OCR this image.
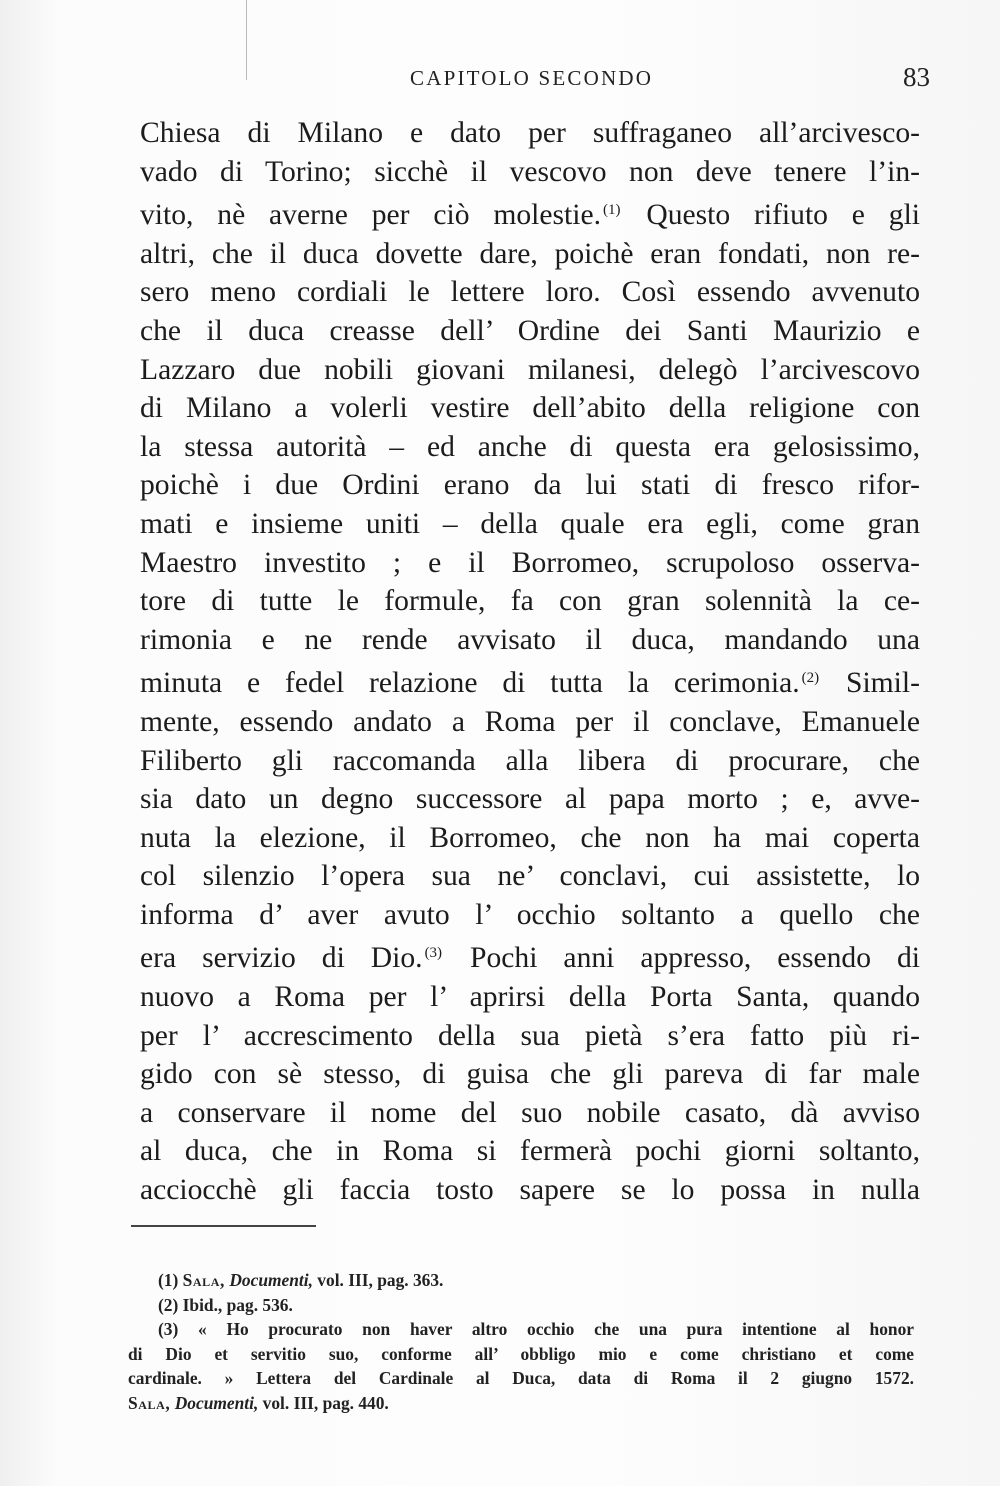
CAPITOLO SECONDO	83
Chiesa di Milano e dato per suffraganeo all’arcivesco-
vado di Torino; sicchè il vescovo non deve tenere l’in-
vito, nè averne per ciò molestie. $^{(1)}$ Questo rifiuto e gli
altri, che il duca dovette dare, poichè eran fondati, non re-
sero meno cordiali le lettere loro. Così essendo avvenuto
che il duca creasse dell’ Ordine dei Santi Maurizio e
Lazzaro due nobili giovani milanesi, delegò l’arcivescovo
di Milano a volerli vestire dell’abito della religione con
la stessa autorità – ed anche di questa era gelosissimo,
poichè i due Ordini erano da lui stati di fresco rifor-
mati e insieme uniti – della quale era egli, come gran
Maestro investito ; e il Borromeo, scrupoloso osserva-
tore di tutte le formule, fa con gran solennità la ce-
rimonia e ne rende avvisato il duca, mandando una
minuta e fedel relazione di tutta la cerimonia. $^{(2)}$ Simil-
mente, essendo andato a Roma per il conclave, Emanuele
Filiberto gli raccomanda alla libera di procurare, che
sia dato un degno successore al papa morto ; e, avve-
nuta la elezione, il Borromeo, che non ha mai coperta
col silenzio l’opera sua ne’ conclavi, cui assistette, lo
informa d’ aver avuto l’ occhio soltanto a quello che
era servizio di Dio. $^{(3)}$ Pochi anni appresso, essendo di
nuovo a Roma per l’ aprirsi della Porta Santa, quando
per l’ accrescimento della sua pietà s’era fatto più ri-
gido con sè stesso, di guisa che gli pareva di far male
a conservare il nome del suo nobile casato, dà avviso
al duca, che in Roma si fermerà pochi giorni soltanto,
acciocchè gli faccia tosto sapere se lo possa in nulla
(1) Sala, Documenti, vol. III, pag. 363.
(2) Ibid., pag. 536.
(3) « Ho procurato non haver altro occhio che una pura intentione al honor
di Dio et servitio suo, conforme all’ obbligo mio e come christiano et come
cardinale. » Lettera del Cardinale al Duca, data di Roma il 2 giugno 1572.
Sala, Documenti, vol. III, pag. 440.
